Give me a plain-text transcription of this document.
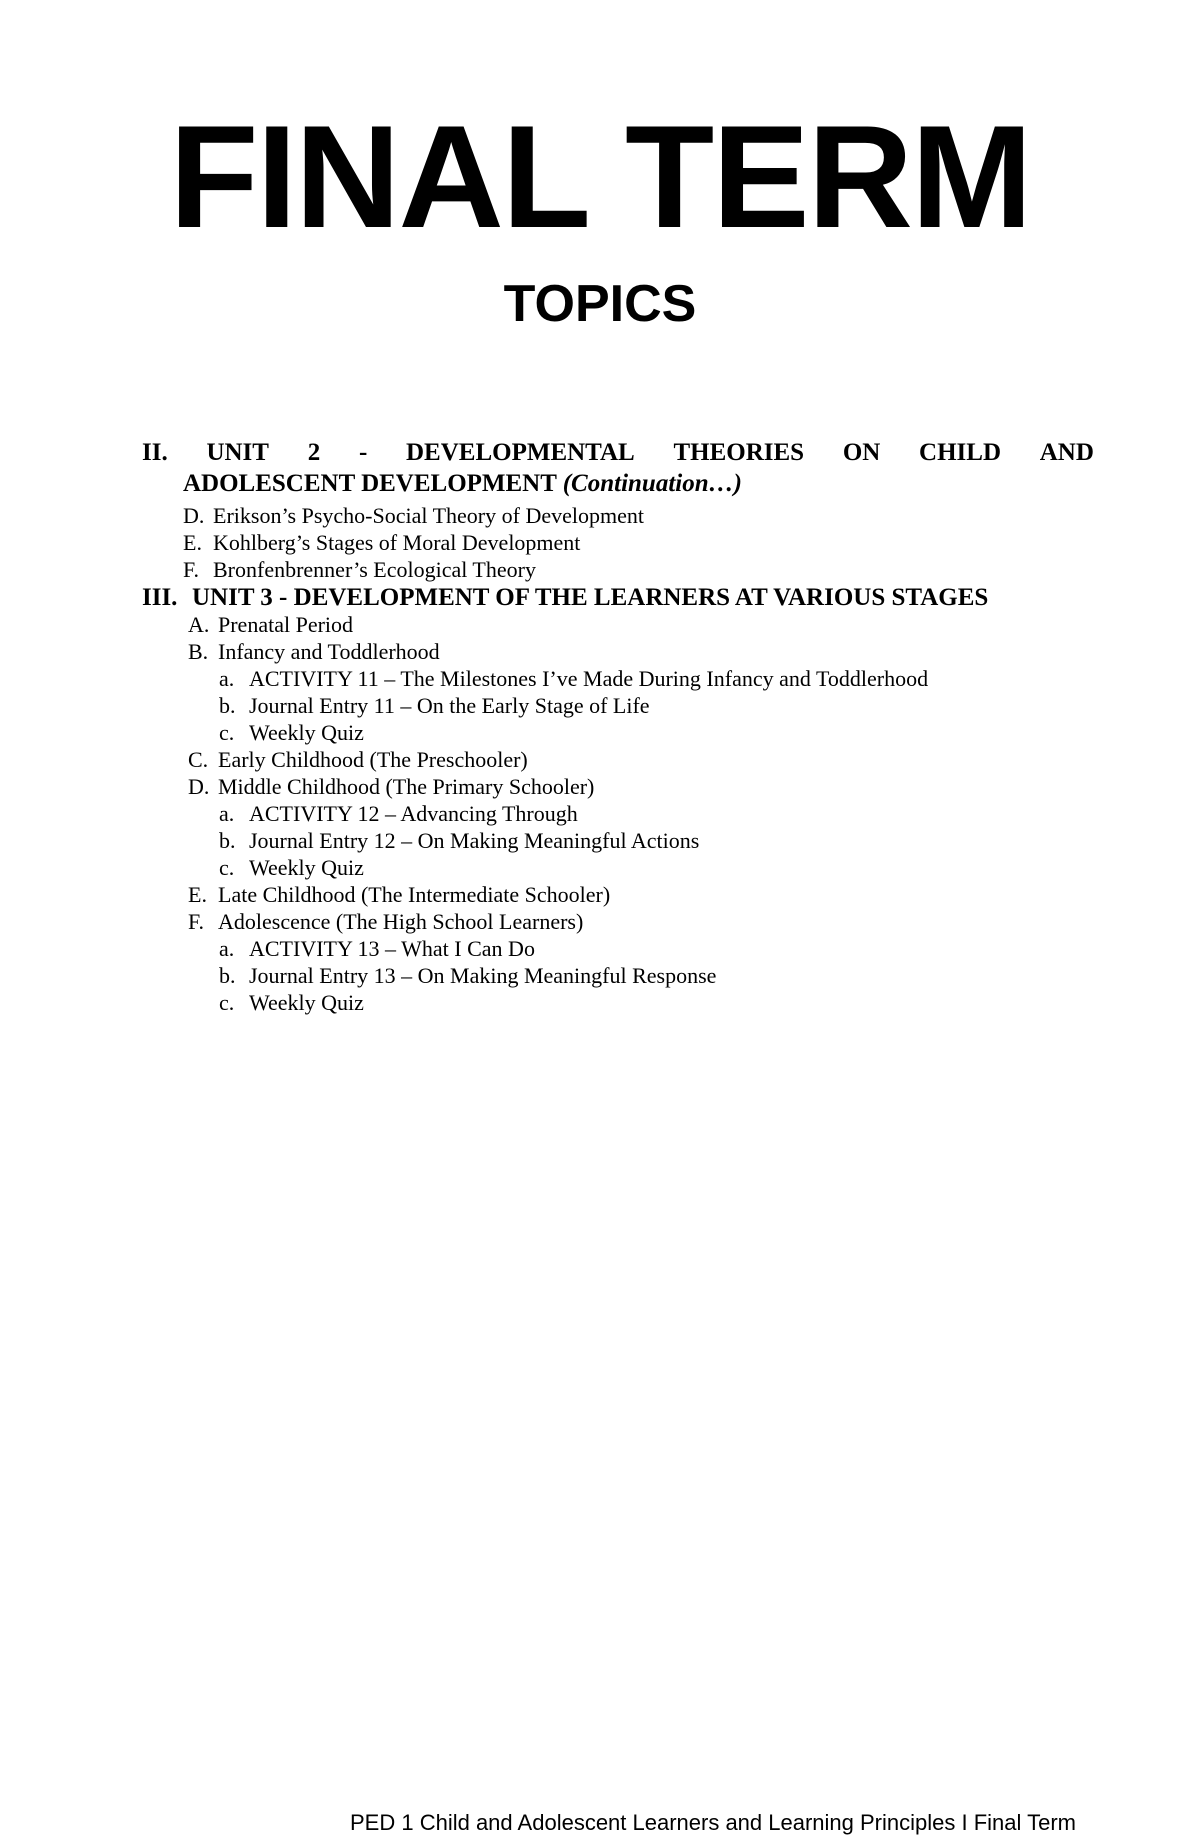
FINAL TERM
TOPICS
II. UNIT 2 - DEVELOPMENTAL THEORIES ON CHILD AND
ADOLESCENT DEVELOPMENT (Continuation…)
D. Erikson’s Psycho-Social Theory of Development
E. Kohlberg’s Stages of Moral Development
F. Bronfenbrenner’s Ecological Theory
III. UNIT 3 - DEVELOPMENT OF THE LEARNERS AT VARIOUS STAGES
A. Prenatal Period
B. Infancy and Toddlerhood
a. ACTIVITY 11 – The Milestones I’ve Made During Infancy and Toddlerhood
b. Journal Entry 11 – On the Early Stage of Life
c. Weekly Quiz
C. Early Childhood (The Preschooler)
D. Middle Childhood (The Primary Schooler)
a. ACTIVITY 12 – Advancing Through
b. Journal Entry 12 – On Making Meaningful Actions
c. Weekly Quiz
E. Late Childhood (The Intermediate Schooler)
F. Adolescence (The High School Learners)
a. ACTIVITY 13 – What I Can Do
b. Journal Entry 13 – On Making Meaningful Response
c. Weekly Quiz
PED 1 Child and Adolescent Learners and Learning Principles I Final Term
